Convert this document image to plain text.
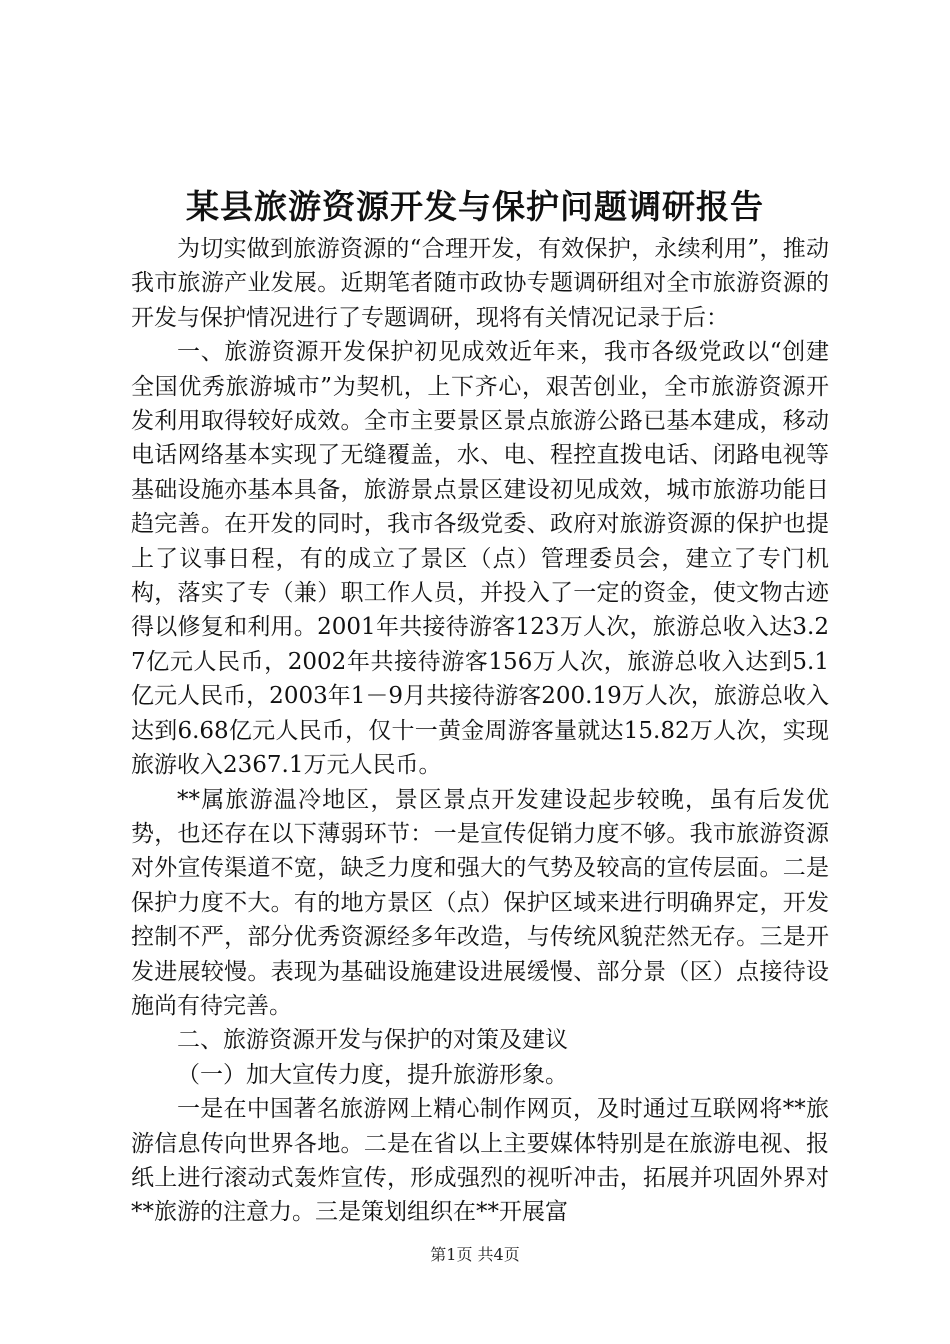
某县旅游资源开发与保护问题调研报告

为切实做到旅游资源的“合理开发，有效保护，永续利用”，推动我市旅游产业发展。近期笔者随市政协专题调研组对全市旅游资源的开发与保护情况进行了专题调研，现将有关情况记录于后：

一、旅游资源开发保护初见成效近年来，我市各级党政以“创建全国优秀旅游城市”为契机，上下齐心，艰苦创业，全市旅游资源开发利用取得较好成效。全市主要景区景点旅游公路已基本建成，移动电话网络基本实现了无缝覆盖，水、电、程控直拨电话、闭路电视等基础设施亦基本具备，旅游景点景区建设初见成效，城市旅游功能日趋完善。在开发的同时，我市各级党委、政府对旅游资源的保护也提上了议事日程，有的成立了景区（点）管理委员会，建立了专门机构，落实了专（兼）职工作人员，并投入了一定的资金，使文物古迹得以修复和利用。2001年共接待游客123万人次，旅游总收入达3.27亿元人民币，2002年共接待游客156万人次，旅游总收入达到5.1亿元人民币，2003年1－9月共接待游客200.19万人次，旅游总收入达到6.68亿元人民币，仅十一黄金周游客量就达15.82万人次，实现旅游收入2367.1万元人民币。

**属旅游温冷地区，景区景点开发建设起步较晚，虽有后发优势，也还存在以下薄弱环节：一是宣传促销力度不够。我市旅游资源对外宣传渠道不宽，缺乏力度和强大的气势及较高的宣传层面。二是保护力度不大。有的地方景区（点）保护区域来进行明确界定，开发控制不严，部分优秀资源经多年改造，与传统风貌茫然无存。三是开发进展较慢。表现为基础设施建设进展缓慢、部分景（区）点接待设施尚有待完善。

二、旅游资源开发与保护的对策及建议

（一）加大宣传力度，提升旅游形象。

一是在中国著名旅游网上精心制作网页，及时通过互联网将**旅游信息传向世界各地。二是在省以上主要媒体特别是在旅游电视、报纸上进行滚动式轰炸宣传，形成强烈的视听冲击，拓展并巩固外界对**旅游的注意力。三是策划组织在**开展富

第1页 共4页
